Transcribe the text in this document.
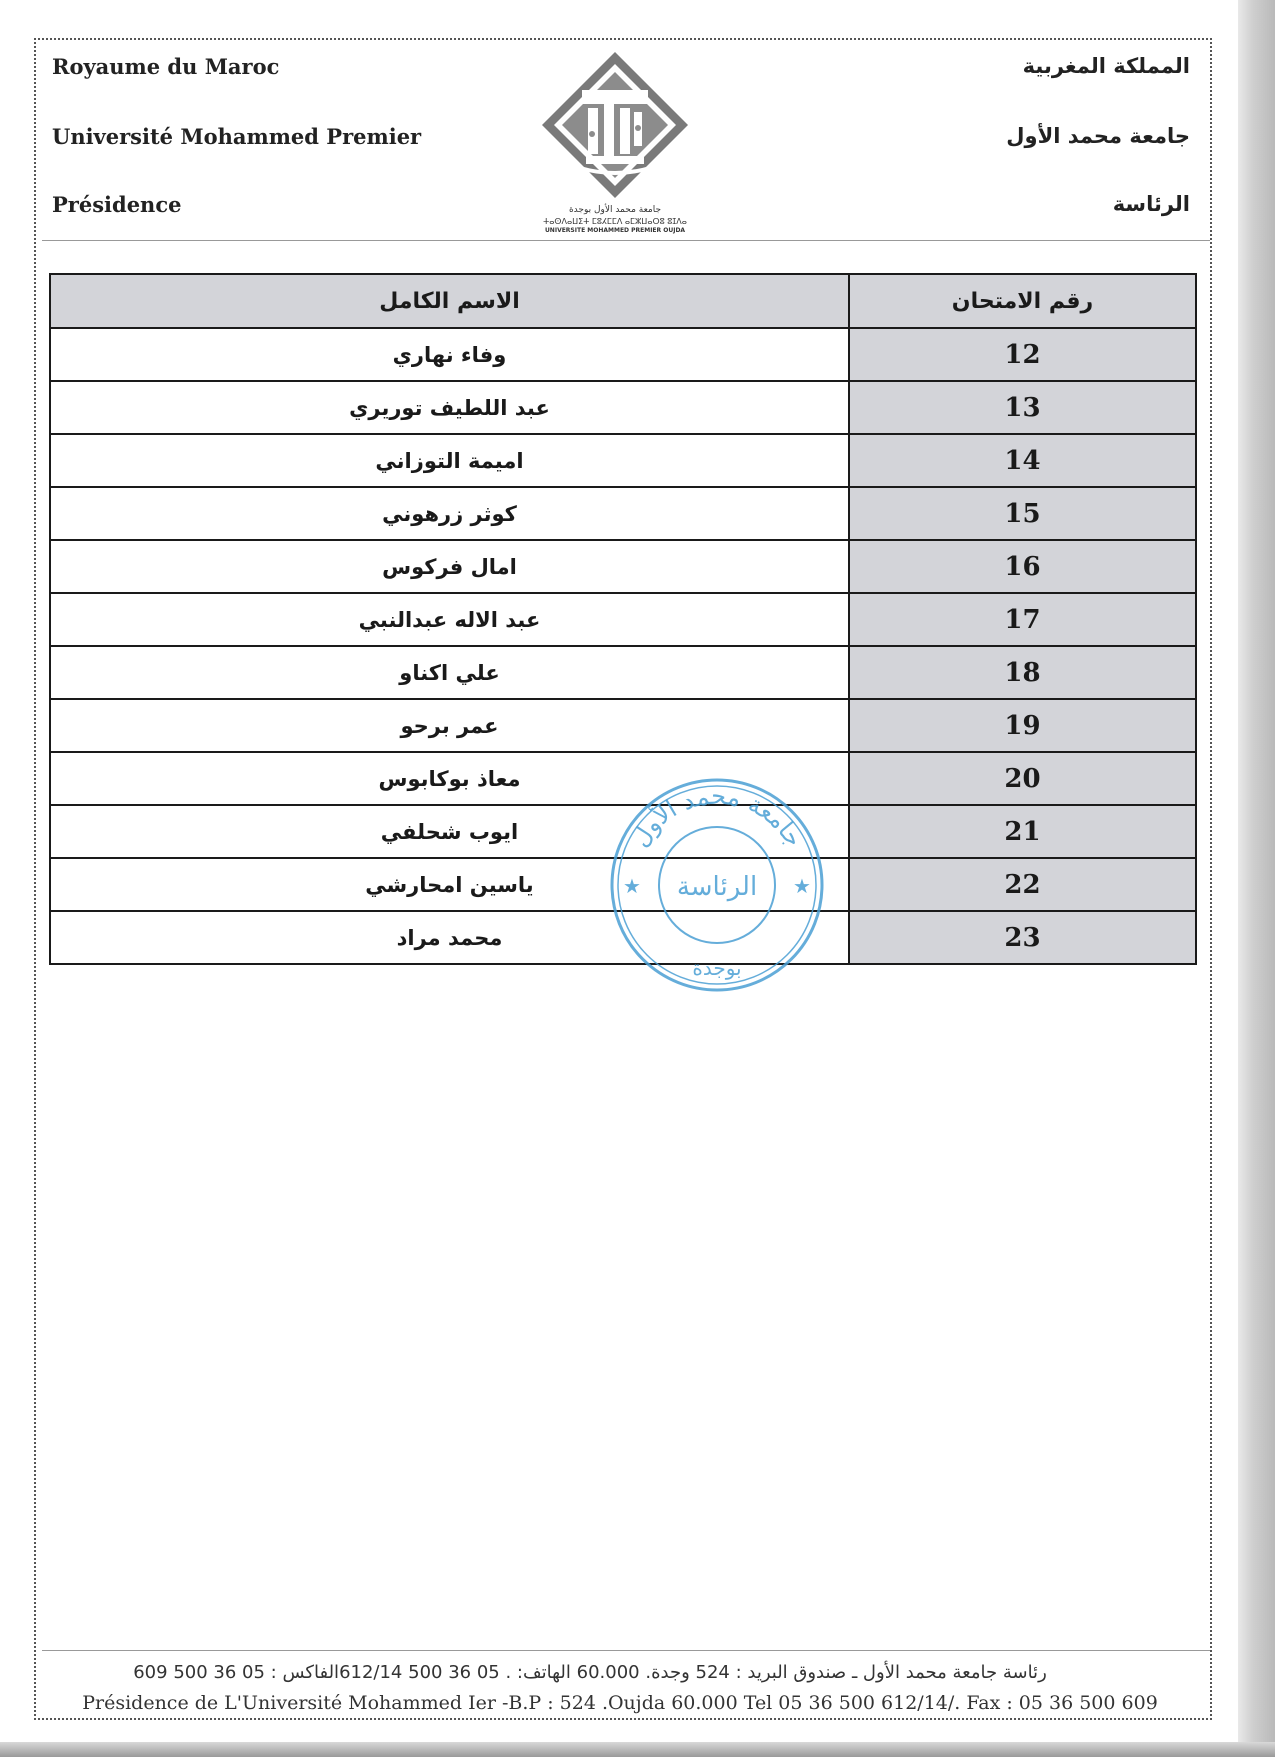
Royaume du Maroc
Université Mohammed Premier
Présidence
المملكة المغربية
جامعة محمد الأول
الرئاسة
جامعة محمد الأول بوجدة
ⵜⴰⵙⴷⴰⵡⵉⵜ ⵎⵓⵃⵎⵎⴷ ⴰⵎⵣⵡⴰⵔⵓ ⵓⵊⴷⴰ
UNIVERSITE MOHAMMED PREMIER OUJDA
الاسم الكامل	رقم الامتحان
وفاء نهاري	12
عبد اللطيف توريري	13
اميمة التوزاني	14
كوثر زرهوني	15
امال فركوس	16
عبد الاله عبدالنبي	17
علي اكناو	18
عمر برحو	19
معاذ بوكابوس	20
ايوب شحلفي	21
ياسين امحارشي	22
محمد مراد	23
جامعة محمد الأول
الرئاسة
بوجدة
★	★
رئاسة جامعة محمد الأول ـ صندوق البريد : 524 وجدة. 60.000 الهاتف: . 05 36 500 612/14الفاكس : 05 36 500 609
Présidence de L'Université Mohammed Ier -B.P : 524 .Oujda 60.000 Tel 05 36 500 612/14/. Fax : 05 36 500 609
